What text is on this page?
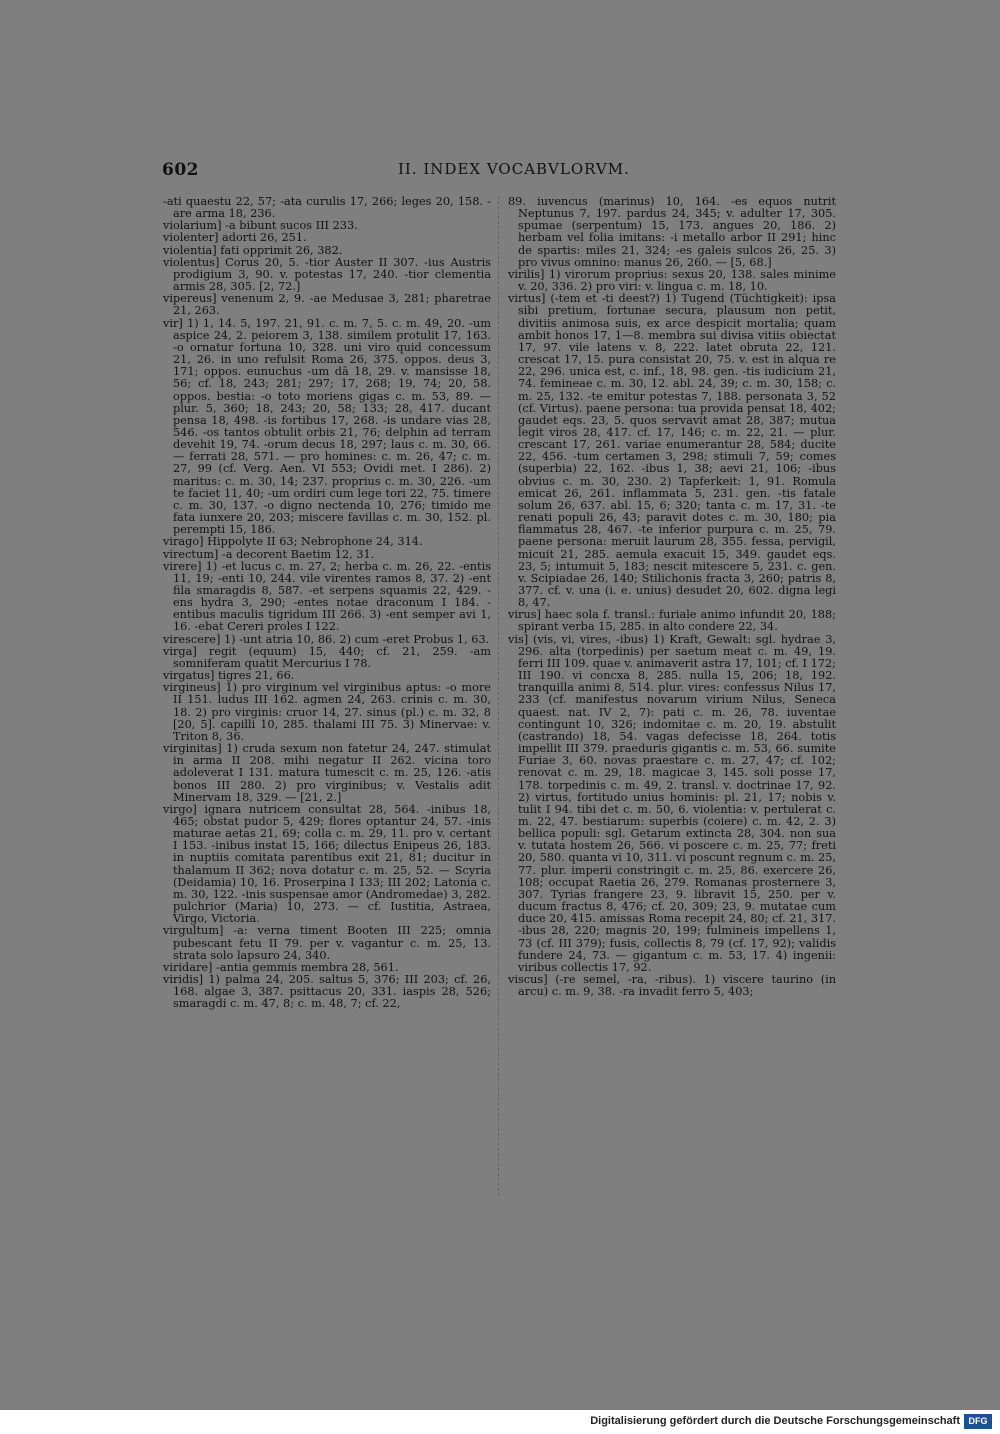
602	II. INDEX VOCABVLORVM.

-ati quaestu 22, 57; -ata curulis 17, 266; leges 20, 158. -are arma 18, 236.

violarium] -a bibunt sucos III 233.

violenter] adorti 26, 251.

violentia] fati opprimit 26, 382.

violentus] Corus 20, 5. -tior Auster II 307. -ius Austris prodigium 3, 90. v. potestas 17, 240. -tior clementia armis 28, 305. [2, 72.]

vipereus] venenum 2, 9. -ae Medusae 3, 281; pharetrae 21, 263.

vir] 1) 1, 14. 5, 197. 21, 91. c. m. 7, 5. c. m. 49, 20. -um aspice 24, 2. peiorem 3, 138. similem protulit 17, 163. -o ornatur fortuna 10, 328. uni viro quid concessum 21, 26. in uno refulsit Roma 26, 375. oppos. deus 3, 171; oppos. eunuchus -um dā 18, 29. v. mansisse 18, 56; cf. 18, 243; 281; 297; 17, 268; 19, 74; 20, 58. oppos. bestia: -o toto moriens gigas c. m. 53, 89. — plur. 5, 360; 18, 243; 20, 58; 133; 28, 417. ducant pensa 18, 498. -is fortibus 17, 268. -is undare vias 28, 546. -os tantos obtulit orbis 21, 76; delphin ad terram devehit 19, 74. -orum decus 18, 297; laus c. m. 30, 66. — ferrati 28, 571. — pro homines: c. m. 26, 47; c. m. 27, 99 (cf. Verg. Aen. VI 553; Ovidi met. I 286). 2) maritus: c. m. 30, 14; 237. proprius c. m. 30, 226. -um te faciet 11, 40; -um ordiri cum lege tori 22, 75. timere c. m. 30, 137. -o digno nectenda 10, 276; timido me fata iunxere 20, 203; miscere favillas c. m. 30, 152. pl. perempti 15, 186.

virago] Hippolyte II 63; Nebrophone 24, 314.

virectum] -a decorent Baetim 12, 31.

virere] 1) -et lucus c. m. 27, 2; herba c. m. 26, 22. -entis 11, 19; -enti 10, 244. vile virentes ramos 8, 37. 2) -ent fila smaragdis 8, 587. -et serpens squamis 22, 429. -ens hydra 3, 290; -entes notae draconum I 184. -entibus maculis tigridum III 266. 3) -ent semper avi 1, 16. -ebat Cereri proles I 122.

virescere] 1) -unt atria 10, 86. 2) cum -eret Probus 1, 63.

virga] regit (equum) 15, 440; cf. 21, 259. -am somniferam quatit Mercurius I 78.

virgatus] tigres 21, 66.

virgineus] 1) pro virginum vel virginibus aptus: -o more II 151. ludus III 162. agmen 24, 263. crinis c. m. 30, 18. 2) pro virginis: cruor 14, 27. sinus (pl.) c. m. 32, 8 [20, 5]. capilli 10, 285. thalami III 75. 3) Minervae: v. Triton 8, 36.

virginitas] 1) cruda sexum non fatetur 24, 247. stimulat in arma II 208. mihi negatur II 262. vicina toro adoleverat I 131. matura tumescit c. m. 25, 126. -atis bonos III 280. 2) pro virginibus; v. Vestalis adit Minervam 18, 329. — [21, 2.]

virgo] ignara nutricem consultat 28, 564. -inibus 18, 465; obstat pudor 5, 429; flores optantur 24, 57. -inis maturae aetas 21, 69; colla c. m. 29, 11. pro v. certant I 153. -inibus instat 15, 166; dilectus Enipeus 26, 183. in nuptiis comitata parentibus exit 21, 81; ducitur in thalamum II 362; nova dotatur c. m. 25, 52. — Scyria (Deidamia) 10, 16. Proserpina I 133; III 202; Latonia c. m. 30, 122. -inis suspensae amor (Andromedae) 3, 282. pulchrior (Maria) 10, 273. — cf. Iustitia, Astraea, Virgo, Victoria.

virgultum] -a: verna timent Booten III 225; omnia pubescant fetu II 79. per v. vagantur c. m. 25, 13. strata solo lapsuro 24, 340.

viridare] -antia gemmis membra 28, 561.

viridis] 1) palma 24, 205. saltus 5, 376; III 203; cf. 26, 168. algae 3, 387. psittacus 20, 331. iaspis 28, 526; smaragdi c. m. 47, 8; c. m. 48, 7; cf. 22,

89. iuvencus (marinus) 10, 164. -es equos nutrit Neptunus 7, 197. pardus 24, 345; v. adulter 17, 305. spumae (serpentum) 15, 173. angues 20, 186. 2) herbam vel folia imitans: -i metallo arbor II 291; hinc de spartis: miles 21, 324; -es galeis sulcos 26, 25. 3) pro vivus omnino: manus 26, 260. — [5, 68.]

virilis] 1) virorum proprius: sexus 20, 138. sales minime v. 20, 336. 2) pro viri: v. lingua c. m. 18, 10.

virtus] (-tem et -ti deest?) 1) Tugend (Tüchtigkeit): ipsa sibi pretium, fortunae secura, plausum non petit, divitiis animosa suis, ex arce despicit mortalia; quam ambit honos 17, 1—8. membra sui divisa vitiis obiectat 17, 97. vile latens v. 8, 222. latet obruta 22, 121. crescat 17, 15. pura consistat 20, 75. v. est in alqua re 22, 296. unica est, c. inf., 18, 98. gen. -tis iudicium 21, 74. femineae c. m. 30, 12. abl. 24, 39; c. m. 30, 158; c. m. 25, 132. -te emitur potestas 7, 188. personata 3, 52 (cf. Virtus). paene persona: tua provida pensat 18, 402; gaudet eqs. 23, 5. quos servavit amat 28, 387; mutua legit viros 28, 417. cf. 17, 146; c. m. 22, 21. — plur. crescant 17, 261. variae enumerantur 28, 584; ducite 22, 456. -tum certamen 3, 298; stimuli 7, 59; comes (superbia) 22, 162. -ibus 1, 38; aevi 21, 106; -ibus obvius c. m. 30, 230. 2) Tapferkeit: 1, 91. Romula emicat 26, 261. inflammata 5, 231. gen. -tis fatale solum 26, 637. abl. 15, 6; 320; tanta c. m. 17, 31. -te renati populi 26, 43; paravit dotes c. m. 30, 180; pia flammatus 28, 467. -te inferior purpura c. m. 25, 79. paene persona: meruit laurum 28, 355. fessa, pervigil, micuit 21, 285. aemula exacuit 15, 349. gaudet eqs. 23, 5; intumuit 5, 183; nescit mitescere 5, 231. c. gen. v. Scipiadae 26, 140; Stilichonis fracta 3, 260; patris 8, 377. cf. v. una (i. e. unius) desudet 20, 602. digna legi 8, 47.

virus] haec sola f. transl.: furiale animo infundit 20, 188; spirant verba 15, 285. in alto condere 22, 34.

vis] (vis, vi, vires, -ibus) 1) Kraft, Gewalt: sgl. hydrae 3, 296. alta (torpedinis) per saetum meat c. m. 49, 19. ferri III 109. quae v. animaverit astra 17, 101; cf. I 172; III 190. vi concxa 8, 285. nulla 15, 206; 18, 192. tranquilla animi 8, 514. plur. vires: confessus Nilus 17, 233 (cf. manifestus novarum virium Nilus, Seneca quaest. nat. IV 2, 7): pati c. m. 26, 78. iuventae contingunt 10, 326; indomitae c. m. 20, 19. abstulit (castrando) 18, 54. vagas defecisse 18, 264. totis impellit III 379. praeduris gigantis c. m. 53, 66. sumite Furiae 3, 60. novas praestare c. m. 27, 47; cf. 102; renovat c. m. 29, 18. magicae 3, 145. soli posse 17, 178. torpedinis c. m. 49, 2. transl. v. doctrinae 17, 92. 2) virtus, fortitudo unius hominis: pl. 21, 17; nobis v. tulit I 94. tibi det c. m. 50, 6. violentia: v. pertulerat c. m. 22, 47. bestiarum: superbis (coiere) c. m. 42, 2. 3) bellica populi: sgl. Getarum extincta 28, 304. non sua v. tutata hostem 26, 566. vi poscere c. m. 25, 77; freti 20, 580. quanta vi 10, 311. vi poscunt regnum c. m. 25, 77. plur. imperii constringit c. m. 25, 86. exercere 26, 108; occupat Raetia 26, 279. Romanas prosternere 3, 307. Tyrias frangere 23, 9. libravit 15, 250. per v. ducum fractus 8, 476; cf. 20, 309; 23, 9. mutatae cum duce 20, 415. amissas Roma recepit 24, 80; cf. 21, 317. -ibus 28, 220; magnis 20, 199; fulmineis impellens 1, 73 (cf. III 379); fusis, collectis 8, 79 (cf. 17, 92); validis fundere 24, 73. — gigantum c. m. 53, 17. 4) ingenii: viribus collectis 17, 92.

viscus] (-re semel, -ra, -ribus). 1) viscere taurino (in arcu) c. m. 9, 38. -ra invadit ferro 5, 403;

Digitalisierung gefördert durch die Deutsche Forschungsgemeinschaft DFG
